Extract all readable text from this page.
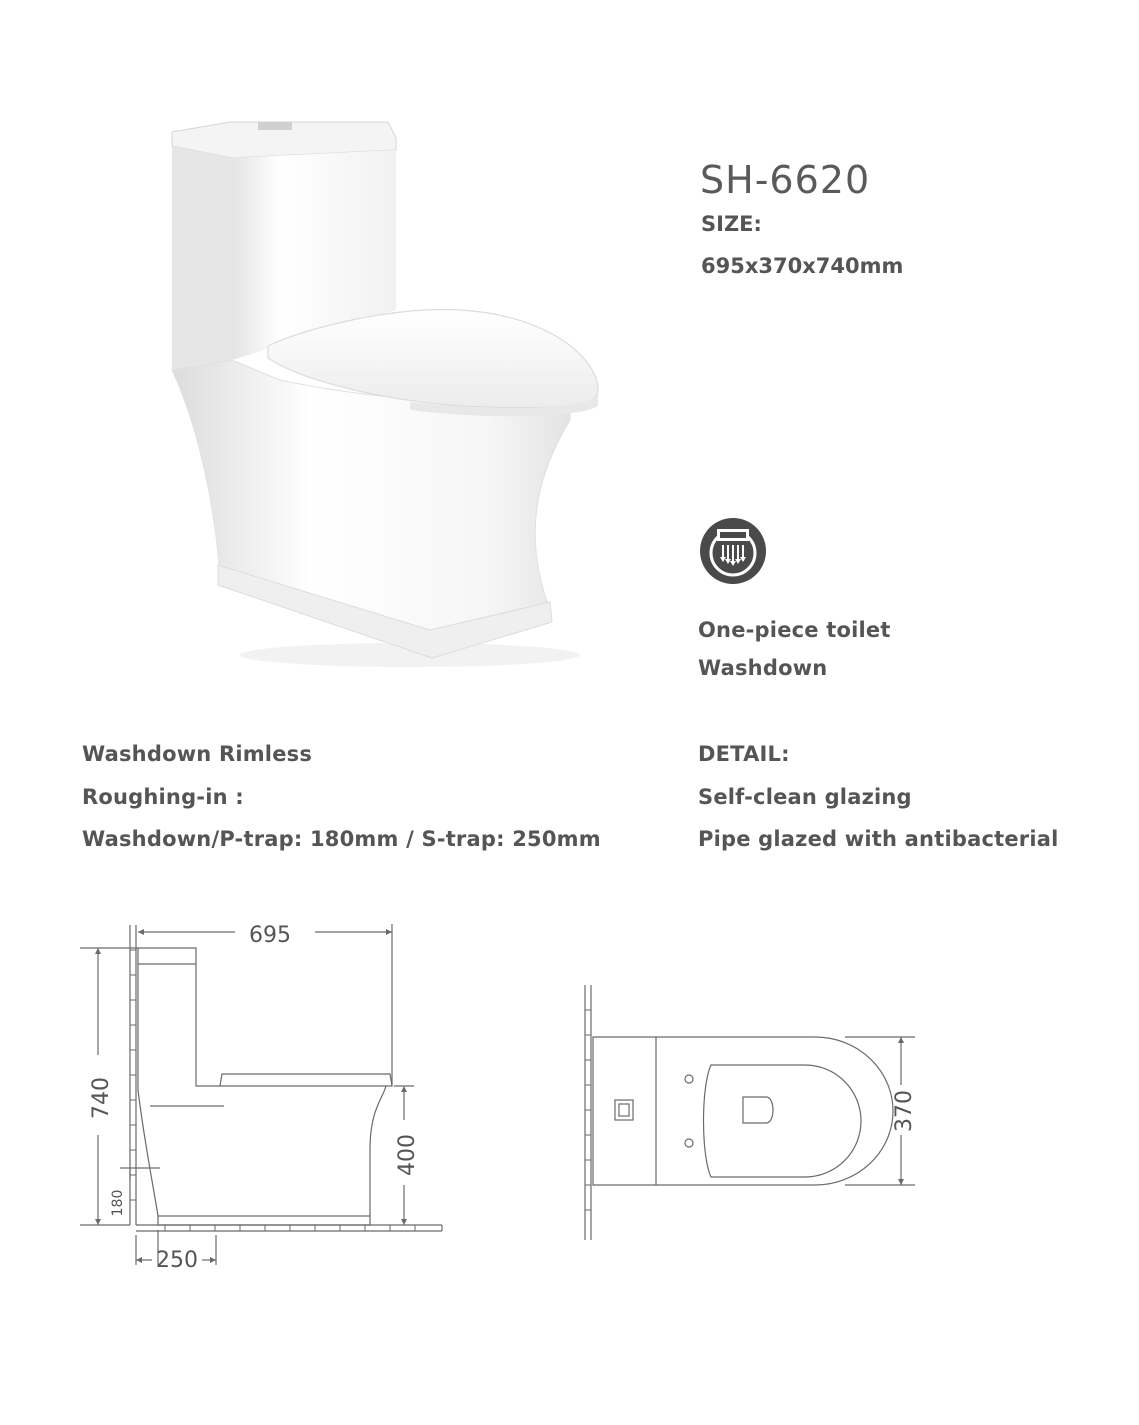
SH-6620
SIZE:
695x370x740mm
One-piece toilet
Washdown
Washdown Rimless
Roughing-in :
Washdown/P-trap: 180mm / S-trap: 250mm
DETAIL:
Self-clean glazing
Pipe glazed with antibacterial
695
740
400
180
250
370
